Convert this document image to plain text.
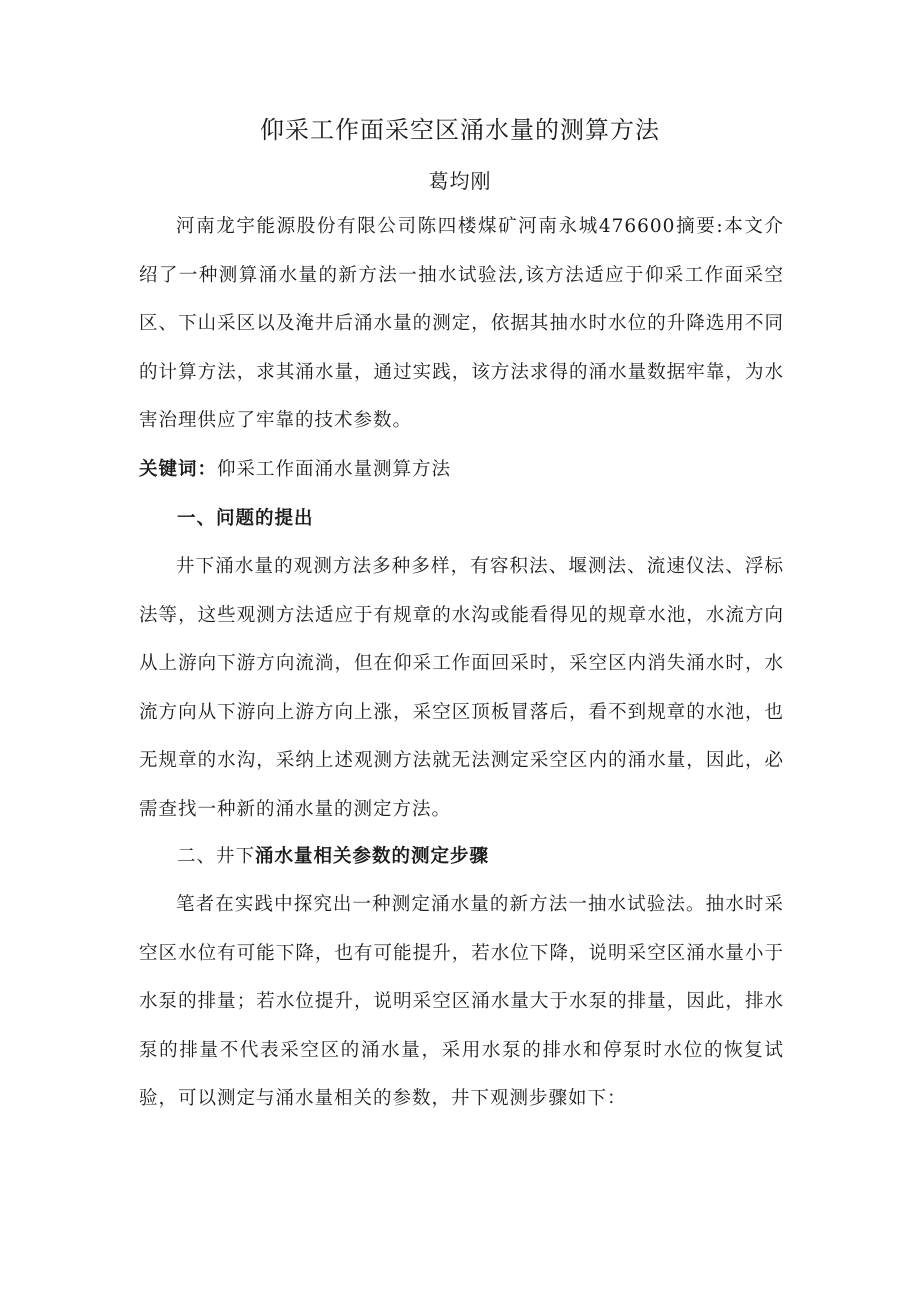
仰采工作面采空区涌水量的测算方法
葛均刚

河南龙宇能源股份有限公司陈四楼煤矿河南永城476600摘要:本文介绍了一种测算涌水量的新方法一抽水试验法,该方法适应于仰采工作面采空区、下山采区以及淹井后涌水量的测定，依据其抽水时水位的升降选用不同的计算方法，求其涌水量，通过实践，该方法求得的涌水量数据牢靠，为水害治理供应了牢靠的技术参数。

关键词：仰采工作面涌水量测算方法

一、问题的提出

井下涌水量的观测方法多种多样，有容积法、堰测法、流速仪法、浮标法等，这些观测方法适应于有规章的水沟或能看得见的规章水池，水流方向从上游向下游方向流淌，但在仰采工作面回采时，采空区内消失涌水时，水流方向从下游向上游方向上涨，采空区顶板冒落后，看不到规章的水池，也无规章的水沟，采纳上述观测方法就无法测定采空区内的涌水量，因此，必需查找一种新的涌水量的测定方法。

二、井下涌水量相关参数的测定步骤

笔者在实践中探究出一种测定涌水量的新方法一抽水试验法。抽水时采空区水位有可能下降，也有可能提升，若水位下降，说明采空区涌水量小于水泵的排量；若水位提升，说明采空区涌水量大于水泵的排量，因此，排水泵的排量不代表采空区的涌水量，采用水泵的排水和停泵时水位的恢复试验，可以测定与涌水量相关的参数，井下观测步骤如下：
